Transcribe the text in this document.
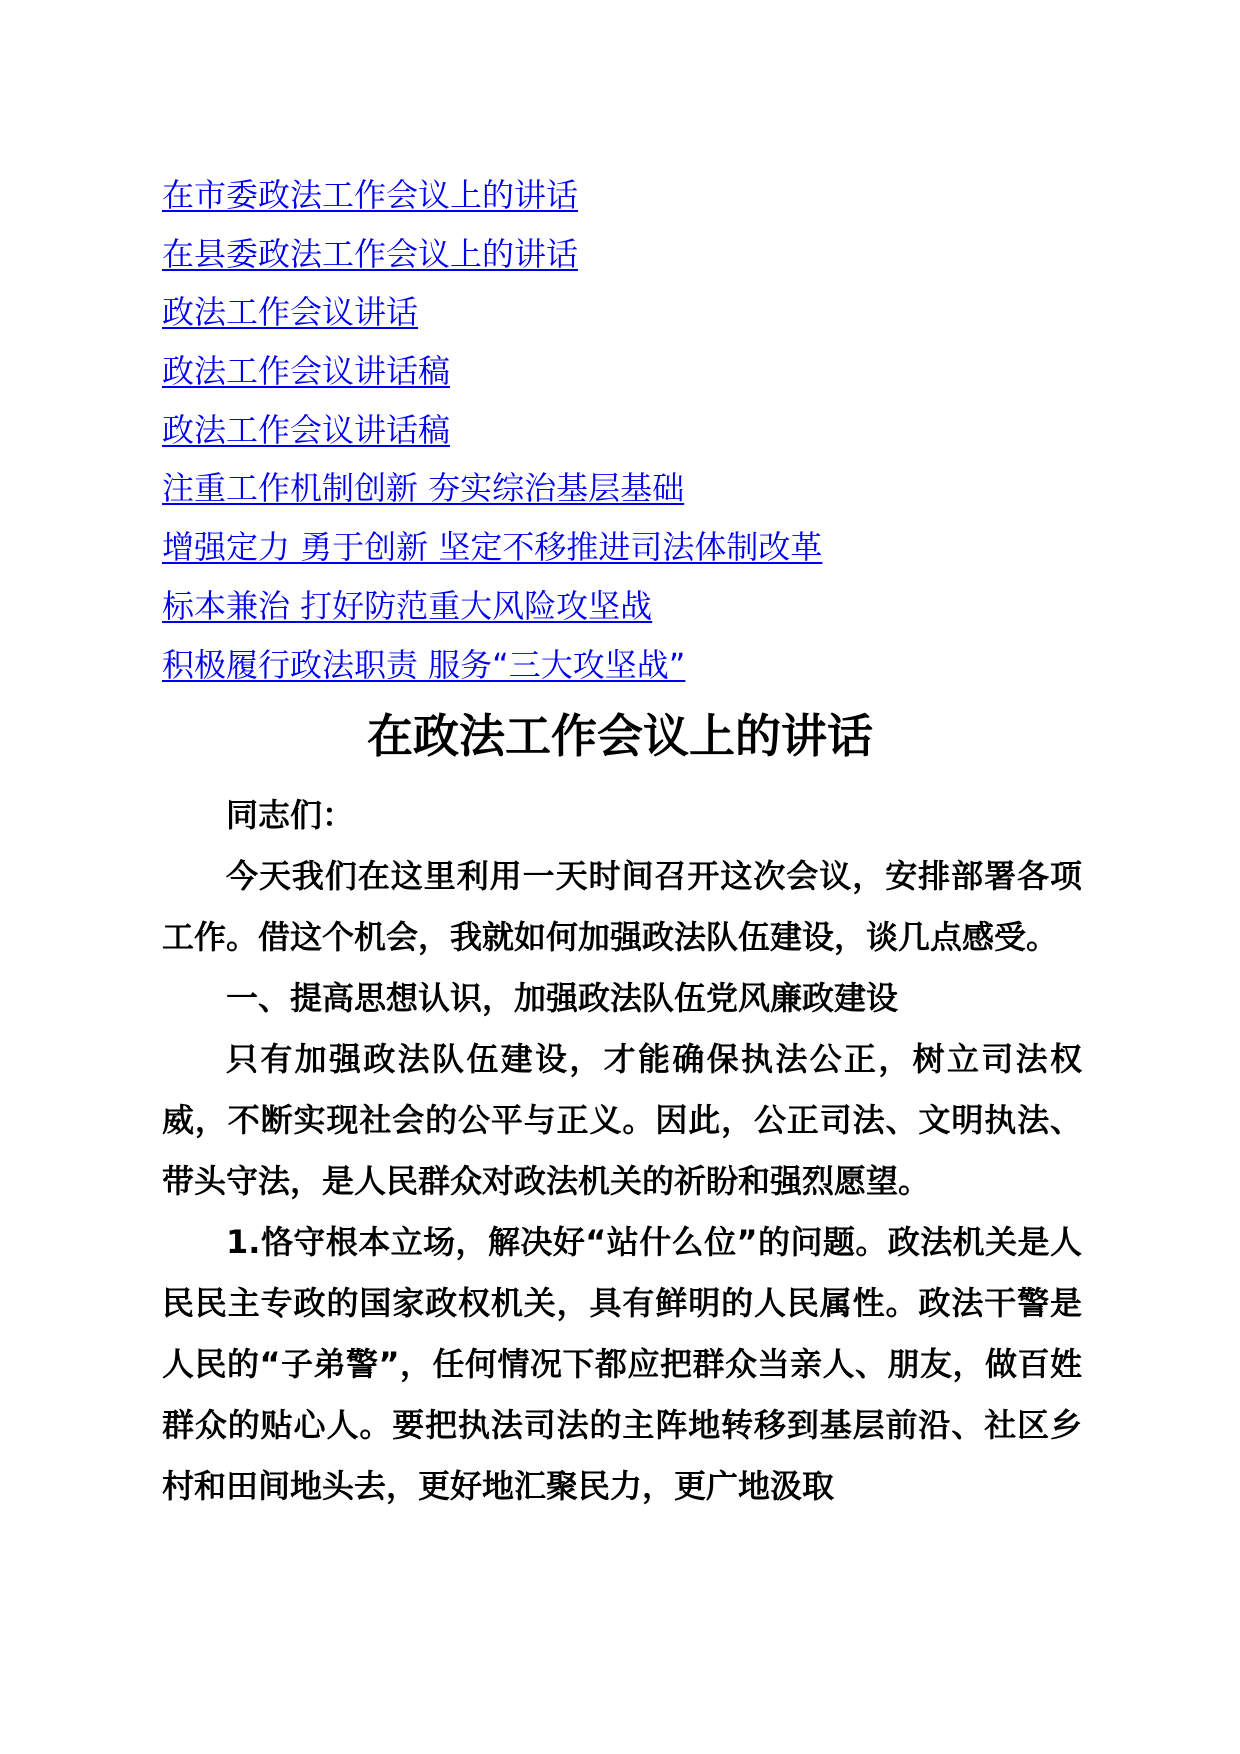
在市委政法工作会议上的讲话
在县委政法工作会议上的讲话
政法工作会议讲话
政法工作会议讲话稿
政法工作会议讲话稿
注重工作机制创新 夯实综治基层基础
增强定力 勇于创新 坚定不移推进司法体制改革
标本兼治 打好防范重大风险攻坚战
积极履行政法职责 服务“三大攻坚战”
在政法工作会议上的讲话

同志们：

今天我们在这里利用一天时间召开这次会议，安排部署各项工作。借这个机会，我就如何加强政法队伍建设，谈几点感受。

一、提高思想认识，加强政法队伍党风廉政建设

只有加强政法队伍建设，才能确保执法公正，树立司法权威，不断实现社会的公平与正义。因此，公正司法、文明执法、带头守法，是人民群众对政法机关的祈盼和强烈愿望。

1.恪守根本立场，解决好“站什么位”的问题。政法机关是人民民主专政的国家政权机关，具有鲜明的人民属性。政法干警是人民的“子弟警”，任何情况下都应把群众当亲人、朋友，做百姓群众的贴心人。要把执法司法的主阵地转移到基层前沿、社区乡村和田间地头去，更好地汇聚民力，更广地汲取
